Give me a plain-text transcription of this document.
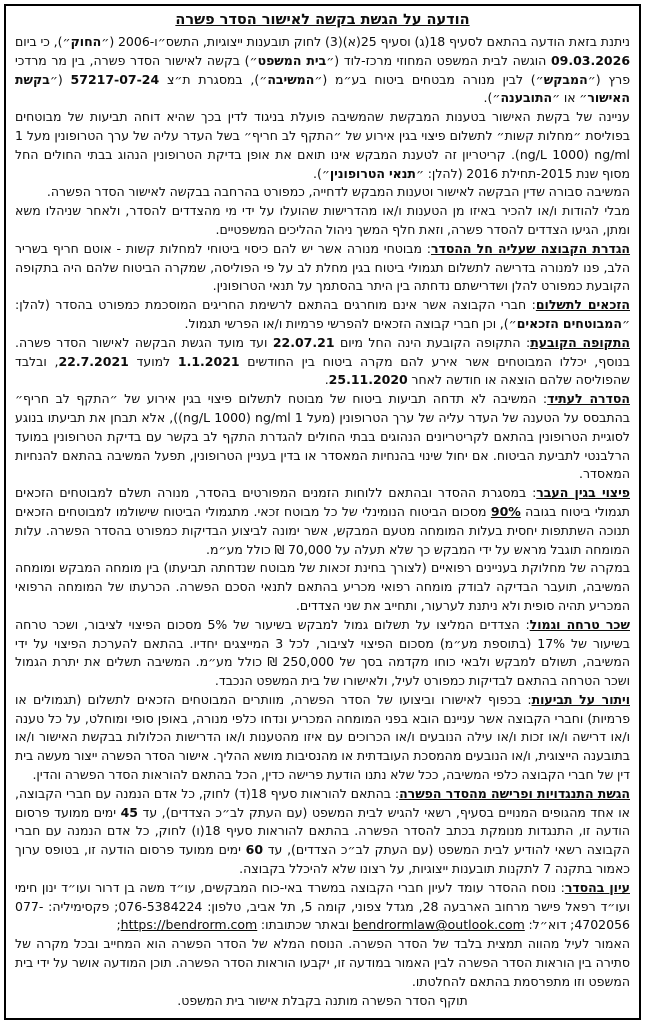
הודעה על הגשת בקשה לאישור הסדר פשרה

ניתנת בזאת הודעה בהתאם לסעיף 18(ג) וסעיף 25(א)(3) לחוק תובענות ייצוגיות, התשס״ו-2006 (״החוק״), כי ביום 09.03.2026 הוגשה לבית המשפט המחוזי מרכז-לוד (״בית המשפט״) בקשה לאישור הסדר פשרה, בין מר מרדכי פרץ (״המבקש״) לבין מנורה מבטחים ביטוח בע״מ (״המשיבה״), במסגרת ת״צ 57217-07-24 (״בקשת האישור״ או ״התובענה״).

עניינה של בקשת האישור בטענות המבקשת שהמשיבה פועלת בניגוד לדין בכך שהיא דוחה תביעות של מבוטחים בפוליסת ״מחלות קשות״ לתשלום פיצוי בגין אירוע של ״התקף לב חריף״ בשל העדר עליה של ערך הטרופונין מעל 1 ng/ml‏ (1000 ng/L). קריטריון זה לטענת המבקש אינו תואם את אופן בדיקת הטרופונין הנהוג בבתי החולים החל מסוף שנת 2015-תחילת 2016 (להלן: ״תנאי הטרופונין״).

המשיבה סבורה שדין הבקשה לאישור וטענות המבקש לדחייה, כמפורט בהרחבה בבקשה לאישור הסדר הפשרה.

מבלי להודות ו/או להכיר באיזו מן הטענות ו/או מהדרישות שהועלו על ידי מי מהצדדים להסדר, ולאחר שניהלו משא ומתן, הגיעו הצדדים להסדר פשרה, וזאת חלף המשך ניהול ההליכים המשפטיים.

הגדרת הקבוצה שעליה חל ההסדר: מבוטחי מנורה אשר יש להם כיסוי ביטוחי למחלות קשות - אוטם חריף בשריר הלב, פנו למנורה בדרישה לתשלום תגמולי ביטוח בגין מחלת לב על פי הפוליסה, שמקרה הביטוח שלהם היה בתקופה הקובעת כמפורט להלן ושדרישתם נדחתה בין היתר בהסתמך על תנאי הטרופונין.

הזכאים לתשלום: חברי הקבוצה אשר אינם מוחרגים בהתאם לרשימת החריגים המוסכמת כמפורט בהסדר (להלן: ״המבוטחים הזכאים״), וכן חברי קבוצה הזכאים להפרשי פרמיות ו/או הפרשי תגמול.

התקופה הקובעת: התקופה הקובעת הינה החל מיום 22.07.21 ועד מועד הגשת הבקשה לאישור הסדר פשרה. בנוסף, יכללו המבוטחים אשר אירע להם מקרה ביטוח בין החודשים 1.1.2021 למועד 22.7.2021, ובלבד שהפוליסה שלהם הוצאה או חודשה לאחר 25.11.2020.

הסדרה לעתיד: המשיבה לא תדחה תביעות ביטוח של מבוטח לתשלום פיצוי בגין אירוע של ״התקף לב חריף״ בהתבסס על הטענה של העדר עליה של ערך הטרופונין (מעל 1 ng/ml‏ (1000 ng/L)), אלא תבחן את תביעתו בנוגע לסוגיית הטרופונין בהתאם לקריטריונים הנהוגים בבתי החולים להגדרת התקף לב בקשר עם בדיקת הטרופונין במועד הרלבנטי לתביעת הביטוח. אם יחול שינוי בהנחיות המאסדר או בדין בעניין הטרופונין, תפעל המשיבה בהתאם להנחיות המאסדר.

פיצוי בגין העבר: במסגרת ההסדר ובהתאם ללוחות הזמנים המפורטים בהסדר, מנורה תשלם למבוטחים הזכאים תגמולי ביטוח בגובה 90% מסכום הביטוח הנומינלי של כל מבוטח זכאי. מתגמולי הביטוח שישולמו למבוטחים הזכאים תנוכה השתתפות יחסית בעלות המומחה מטעם המבקש, אשר ימונה לביצוע הבדיקות כמפורט בהסדר הפשרה. עלות המומחה תוגבל מראש על ידי המבקש כך שלא תעלה על 70,000 ₪ כולל מע״מ.

במקרה של מחלוקת בעניינים רפואיים (לצורך בחינת זכאות של מבוטח שנדחתה תביעתו) בין מומחה המבקש ומומחה המשיבה, תועבר הבדיקה לבודק מומחה רפואי מכריע בהתאם לתנאי הסכם הפשרה. הכרעתו של המומחה הרפואי המכריע תהיה סופית ולא ניתנת לערעור, ותחייב את שני הצדדים.

שכר טרחה וגמול: הצדדים המליצו על תשלום גמול למבקש בשיעור של 5% מסכום הפיצוי לציבור, ושכר טרחה בשיעור של 17% (בתוספת מע״מ) מסכום הפיצוי לציבור, לכל 3 המייצגים יחדיו. בהתאם להערכת הפיצוי על ידי המשיבה, תשולם למבקש ולבאי כוחו מקדמה בסך של 250,000 ₪ כולל מע״מ. המשיבה תשלים את יתרת הגמול ושכר הטרחה בהתאם לבדיקות כמפורט לעיל, ולאישורו של בית המשפט הנכבד.

ויתור על תביעות: בכפוף לאישורו וביצועו של הסדר הפשרה, מוותרים המבוטחים הזכאים לתשלום (תגמולים או פרמיות) וחברי הקבוצה אשר עניינם הובא בפני המומחה המכריע ונדחו כלפי מנורה, באופן סופי ומוחלט, על כל טענה ו/או דרישה ו/או זכות ו/או עילה הנובעים ו/או הכרוכים עם איזו מהטענות ו/או הדרישות הכלולות בבקשת האישור ו/או בתובענה הייצוגית, ו/או הנובעים מהמסכת העובדתית או מהנסיבות מושא ההליך. אישור הסדר הפשרה ייצור מעשה בית דין של חברי הקבוצה כלפי המשיבה, ככל שלא נתנו הודעת פרישה כדין, הכל בהתאם להוראות הסדר הפשרה והדין.

הגשת התנגדויות ופרישה מהסדר הפשרה: בהתאם להוראות סעיף 18(ד) לחוק, כל אדם הנמנה עם חברי הקבוצה, או אחד מהגופים המנויים בסעיף, רשאי להגיש לבית המשפט (עם העתק לב״כ הצדדים), עד 45 ימים ממועד פרסום הודעה זו, התנגדות מנומקת בכתב להסדר הפשרה. בהתאם להוראות סעיף 18(ו) לחוק, כל אדם הנמנה עם חברי הקבוצה רשאי להודיע לבית המשפט (עם העתק לב״כ הצדדים), עד 60 ימים ממועד פרסום הודעה זו, בטופס ערוך כאמור בתקנה 7 לתקנות תובענות ייצוגיות, על רצונו שלא להיכלל בקבוצה.

עיון בהסדר: נוסח ההסדר עומד לעיון חברי הקבוצה במשרד באי-כוח המבקשים, עו״ד משה בן דרור ועו״ד ינון חימי ועו״ד רפאל פישר מרחוב הארבעה 28, מגדל צפוני, קומה 5, תל אביב, טלפון: 076-5384224; פקסימיליה: 077-4702056; דוא״ל: bendrormlaw@outlook.com ובאתר שכתובתו: https://bendrorm.com;

האמור לעיל מהווה תמצית בלבד של הסדר הפשרה. הנוסח המלא של הסדר הפשרה הוא המחייב ובכל מקרה של סתירה בין הוראות הסדר הפשרה לבין האמור במודעה זו, יקבעו הוראות הסדר הפשרה. תוכן המודעה אושר על ידי בית המשפט וזו מתפרסמת בהתאם להחלטתו.

תוקף הסדר הפשרה מותנה בקבלת אישור בית המשפט.
